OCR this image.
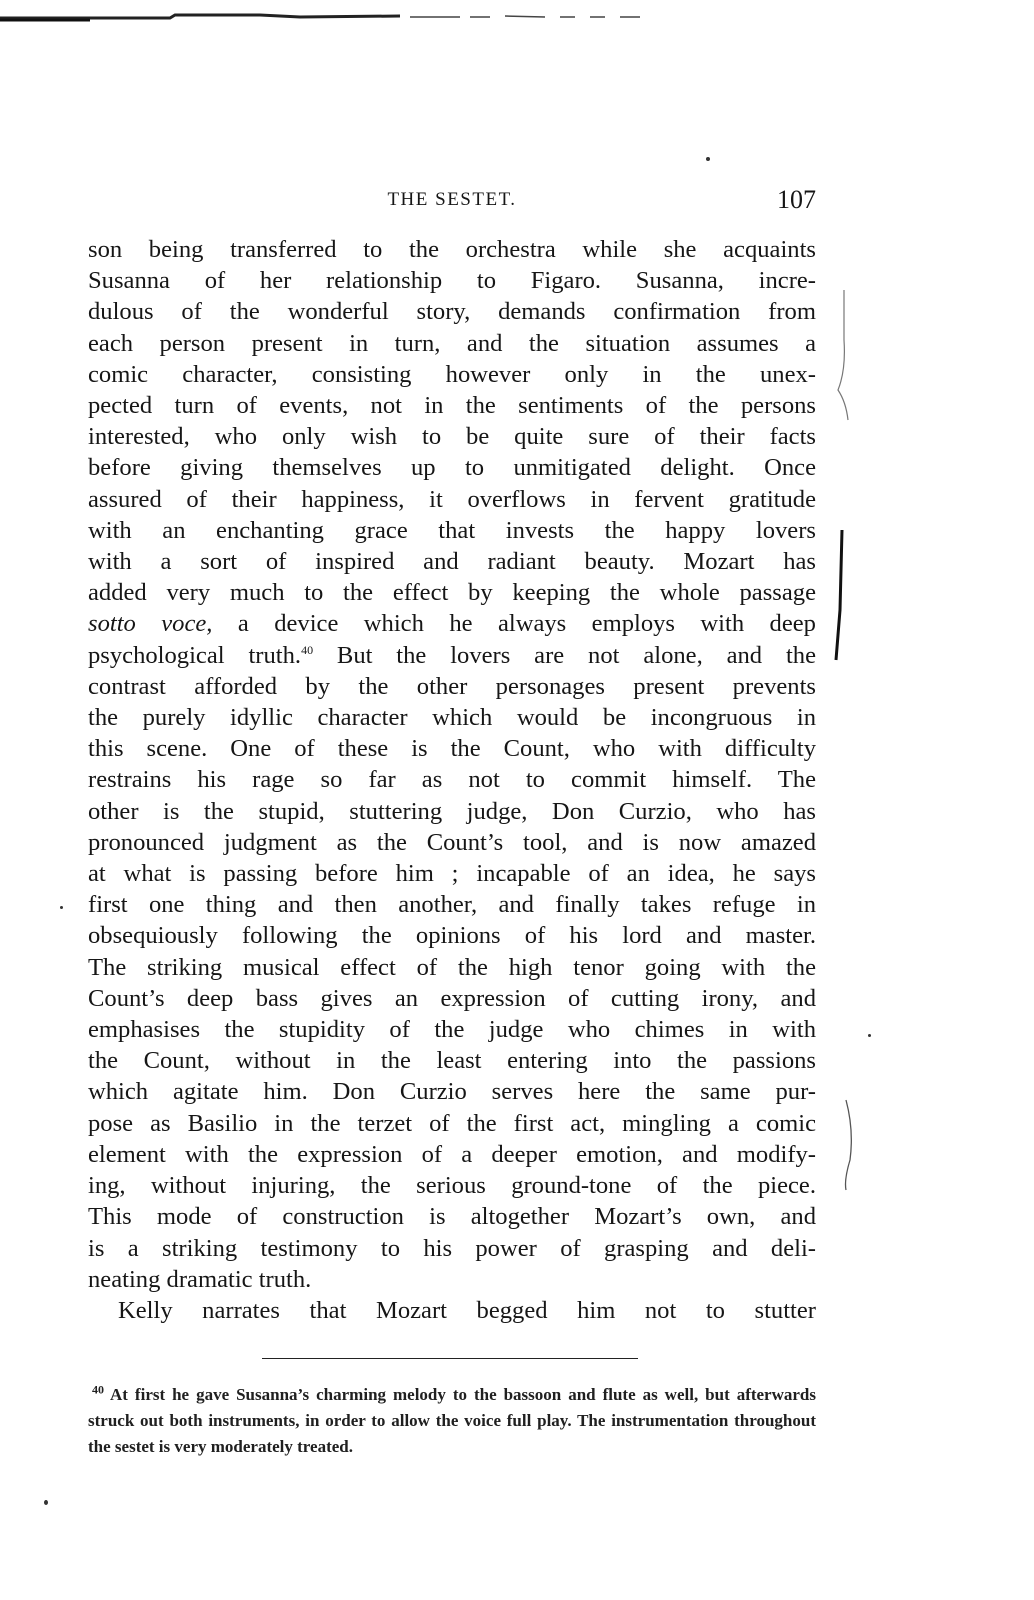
THE SESTET.	107

son being transferred to the orchestra while she acquaints

Susanna of her relationship to Figaro. Susanna, incre-

dulous of the wonderful story, demands confirmation from

each person present in turn, and the situation assumes a

comic character, consisting however only in the unex-

pected turn of events, not in the sentiments of the persons

interested, who only wish to be quite sure of their facts

before giving themselves up to unmitigated delight. Once

assured of their happiness, it overflows in fervent gratitude

with an enchanting grace that invests the happy lovers

with a sort of inspired and radiant beauty. Mozart has

added very much to the effect by keeping the whole passage

sotto voce, a device which he always employs with deep

psychological truth.$^{40}$ But the lovers are not alone, and the

contrast afforded by the other personages present prevents

the purely idyllic character which would be incongruous in

this scene. One of these is the Count, who with difficulty

restrains his rage so far as not to commit himself. The

other is the stupid, stuttering judge, Don Curzio, who has

pronounced judgment as the Count’s tool, and is now amazed

at what is passing before him ; incapable of an idea, he says

first one thing and then another, and finally takes refuge in

obsequiously following the opinions of his lord and master.

The striking musical effect of the high tenor going with the

Count’s deep bass gives an expression of cutting irony, and

emphasises the stupidity of the judge who chimes in with

the Count, without in the least entering into the passions

which agitate him. Don Curzio serves here the same pur-

pose as Basilio in the terzet of the first act, mingling a comic

element with the expression of a deeper emotion, and modify-

ing, without injuring, the serious ground-tone of the piece.

This mode of construction is altogether Mozart’s own, and

is a striking testimony to his power of grasping and deli-

neating dramatic truth.

Kelly narrates that Mozart begged him not to stutter

$^{40}$ At first he gave Susanna’s charming melody to the bassoon and flute as well, but afterwards struck out both instruments, in order to allow the voice full play. The instrumentation throughout the sestet is very moderately treated.
